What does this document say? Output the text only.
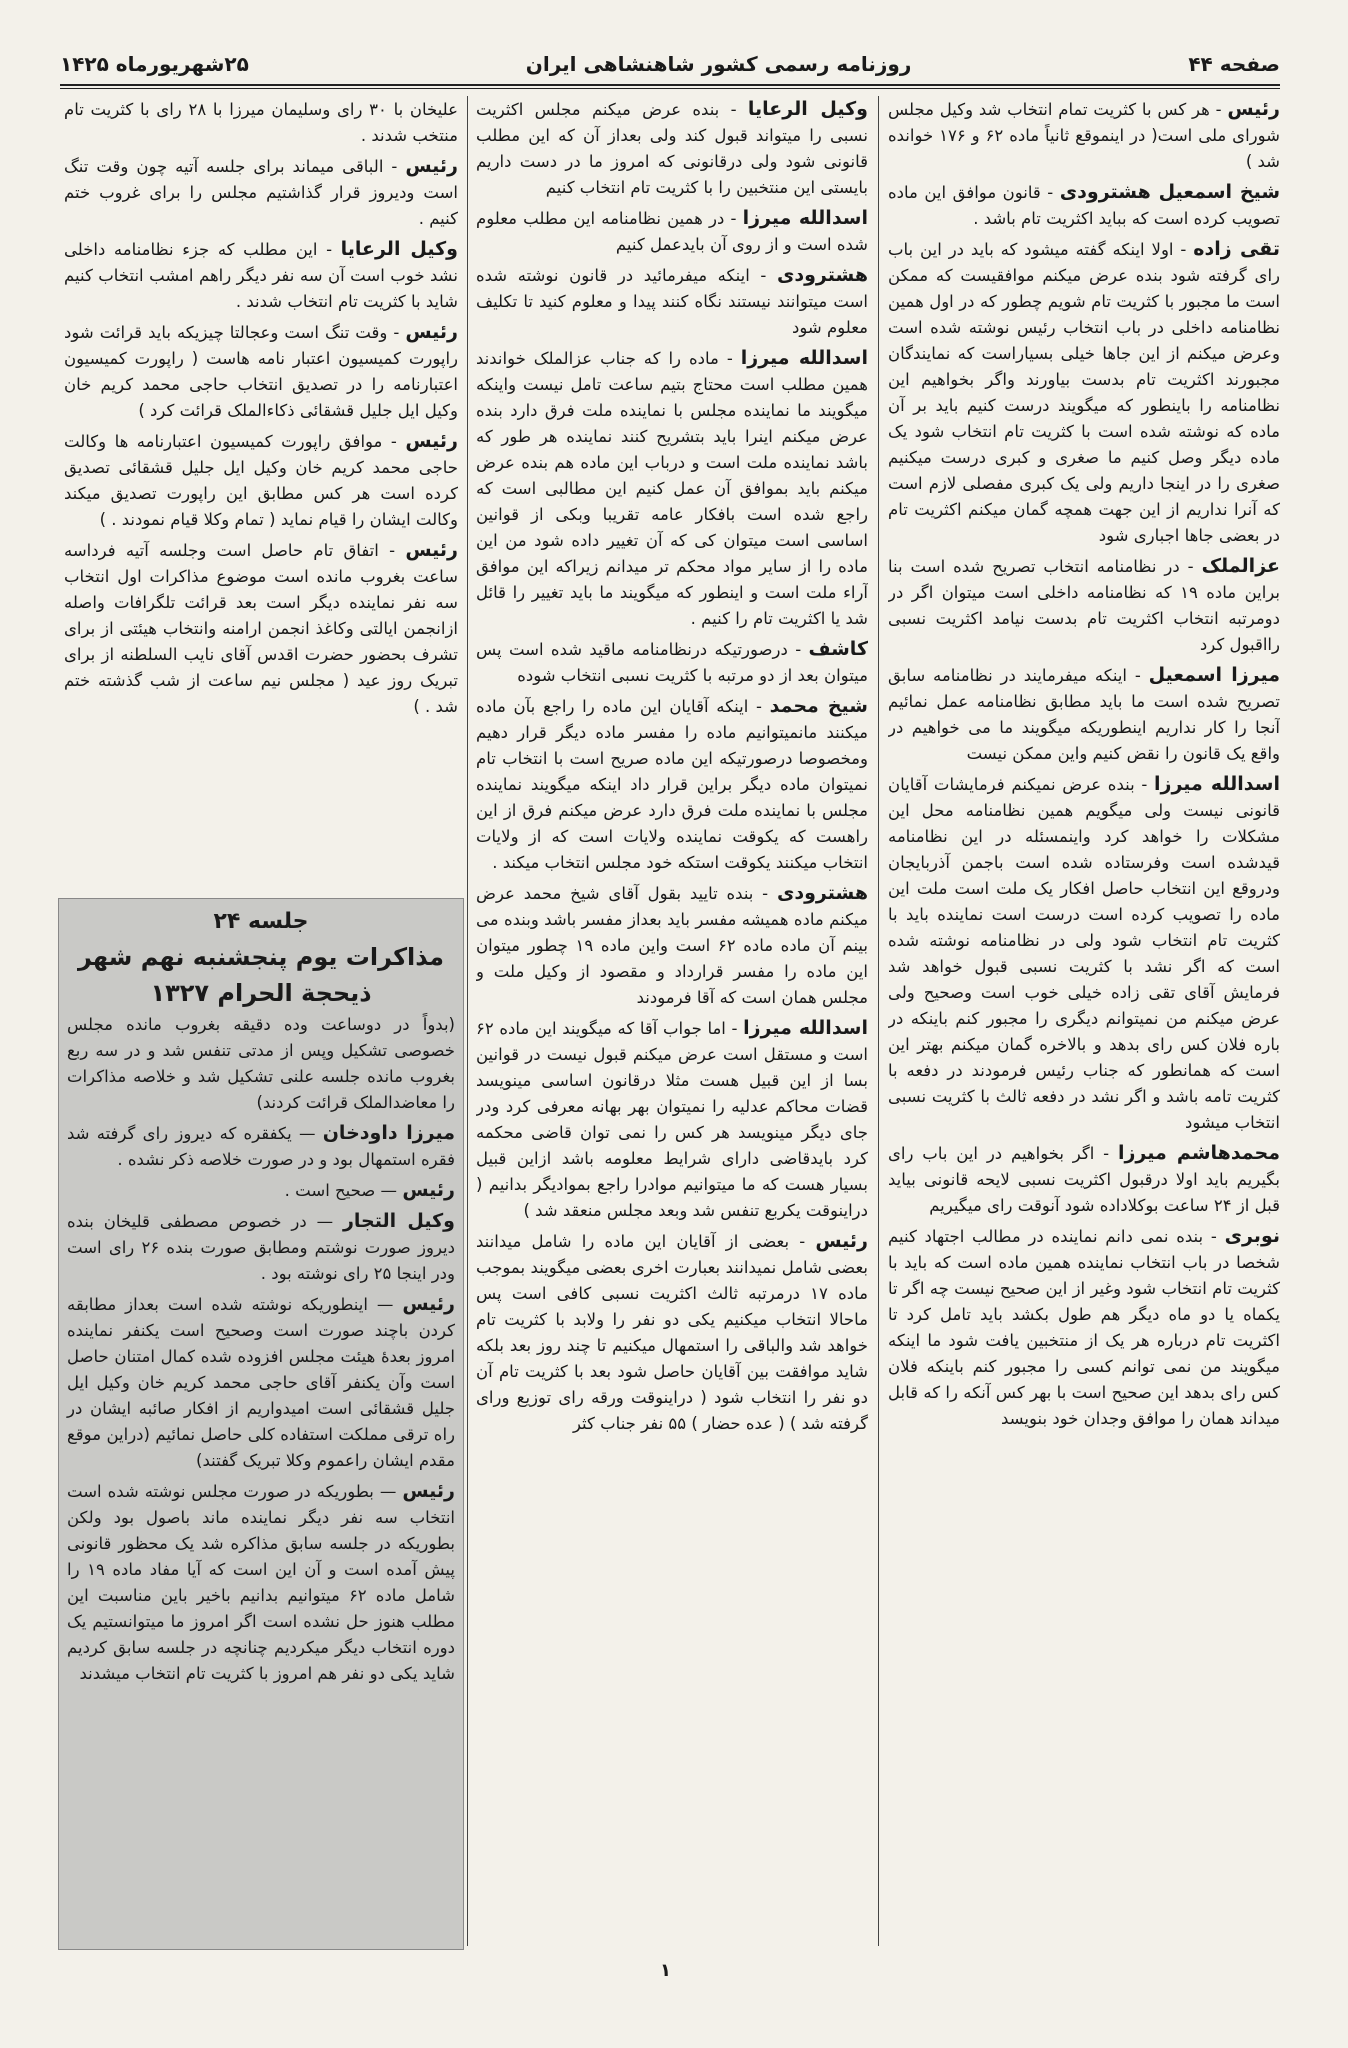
صفحه ۴۴
روزنامه رسمی کشور شاهنشاهی ایران
۲۵شهریورماه ۱۴۲۵

رئیس - هر کس با کثریت تمام انتخاب شد وکیل مجلس شورای ملی است( در اینموقع ثانیاً ماده ۶۲ و ۱۷۶ خوانده شد )

شیخ اسمعیل هشترودی - قانون موافق این ماده تصویب کرده است که بباید اکثریت تام باشد .

تقی زاده - اولا اینکه گفته میشود که باید در این باب رای گرفته شود بنده عرض میکنم موافقیست که ممکن است ما مجبور با کثریت تام شویم چطور که در اول همین نظامنامه داخلی در باب انتخاب رئیس نوشته شده است وعرض میکنم از این جاها خیلی بسیاراست که نمایندگان مجبورند اکثریت تام بدست بیاورند واگر بخواهیم این نظامنامه را باینطور که میگویند درست کنیم باید بر آن ماده که نوشته شده است با کثریت تام انتخاب شود یک ماده دیگر وصل کنیم ما صغری و کبری درست میکنیم صغری را در اینجا داریم ولی یک کبری مفصلی لازم است که آنرا نداریم از این جهت همچه گمان میکنم اکثریت تام در بعضی جاها اجباری شود

عزالملک - در نظامنامه انتخاب تصریح شده است بنا براین ماده ۱۹ که نظامنامه داخلی است میتوان اگر در دومرتبه انتخاب اکثریت تام بدست نیامد اکثریت نسبی رااقبول کرد

میرزا اسمعیل - اینکه میفرمایند در نظامنامه سابق تصریح شده است ما باید مطابق نظامنامه عمل نمائیم آنجا را کار نداریم اینطوریکه میگویند ما می خواهیم در واقع یک قانون را نقض کنیم واین ممکن نیست

اسدالله میرزا - بنده عرض نمیکنم فرمایشات آقایان قانونی نیست ولی میگویم همین نظامنامه محل این مشکلات را خواهد کرد واینمسئله در این نظامنامه قیدشده است وفرستاده شده است باجمن آذربایجان ودروقع این انتخاب حاصل افکار یک ملت است ملت این ماده را تصویب کرده است درست است نماینده باید با کثریت تام انتخاب شود ولی در نظامنامه نوشته شده است که اگر نشد با کثریت نسبی قبول خواهد شد فرمایش آقای تقی زاده خیلی خوب است وصحیح ولی عرض میکنم من نمیتوانم دیگری را مجبور کنم باینکه در باره فلان کس رای بدهد و بالاخره گمان میکنم بهتر این است که همانطور که جناب رئیس فرمودند در دفعه با کثریت تامه باشد و اگر نشد در دفعه ثالث با کثریت نسبی انتخاب میشود

محمدهاشم میرزا - اگر بخواهیم در این باب رای بگیریم باید اولا درقبول اکثریت نسبی لایحه قانونی بیاید قبل از ۲۴ ساعت بوکلاداده شود آنوقت رای میگیریم

نوبری - بنده نمی دانم نماینده در مطالب اجتهاد کنیم شخصا در باب انتخاب نماینده همین ماده است که باید با کثریت تام انتخاب شود وغیر از این صحیح نیست چه اگر تا یکماه یا دو ماه دیگر هم طول بکشد باید تامل کرد تا اکثریت تام درباره هر یک از منتخبین یافت شود ما اینکه میگویند من نمی توانم کسی را مجبور کنم باینکه فلان کس رای بدهد این صحیح است با بهر کس آنکه را که قابل میداند همان را موافق وجدان خود بنویسد

وکیل الرعایا - بنده عرض میکنم مجلس اکثریت نسبی را میتواند قبول کند ولی بعداز آن که این مطلب قانونی شود ولی درقانونی که امروز ما در دست داریم بایستی این منتخبین را با کثریت تام انتخاب کنیم

اسدالله میرزا - در همین نظامنامه این مطلب معلوم شده است و از روی آن بایدعمل کنیم

هشترودی - اینکه میفرمائید در قانون نوشته شده است میتوانند نیستند نگاه کنند پیدا و معلوم کنید تا تکلیف معلوم شود

اسدالله میرزا - ماده را که جناب عزالملک خواندند همین مطلب است محتاج بتیم ساعت تامل نیست واینکه میگویند ما نماینده مجلس با نماینده ملت فرق دارد بنده عرض میکنم اینرا باید بتشریح کنند نماینده هر طور که باشد نماینده ملت است و درباب این ماده هم بنده عرض میکنم باید بموافق آن عمل کنیم این مطالبی است که راجع شده است بافکار عامه تقریبا وبکی از قوانین اساسی است میتوان کی که آن تغییر داده شود من این ماده را از سایر مواد محکم تر میدانم زیراکه این موافق آراء ملت است و اینطور که میگویند ما باید تغییر را قائل شد یا اکثریت تام را کنیم .

کاشف - درصورتیکه درنظامنامه ماقید شده است پس میتوان بعد از دو مرتبه با کثریت نسبی انتخاب شوده

شیخ محمد - اینکه آقایان این ماده را راجع بآن ماده میکنند مانمیتوانیم ماده را مفسر ماده دیگر قرار دهیم ومخصوصا درصورتیکه این ماده صریح است با انتخاب تام نمیتوان ماده دیگر براین قرار داد اینکه میگویند نماینده مجلس با نماینده ملت فرق دارد عرض میکنم فرق از این راهست که یکوقت نماینده ولایات است که از ولایات انتخاب میکنند یکوقت استکه خود مجلس انتخاب میکند .

هشترودی - بنده تایید بقول آقای شیخ محمد عرض میکنم ماده همیشه مفسر باید بعداز مفسر باشد وبنده می بینم آن ماده ماده ۶۲ است واین ماده ۱۹ چطور میتوان این ماده را مفسر قرارداد و مقصود از وکیل ملت و مجلس همان است که آقا فرمودند

اسدالله میرزا - اما جواب آقا که میگویند این ماده ۶۲ است و مستقل است عرض میکنم قبول نیست در قوانین بسا از این قبیل هست مثلا درقانون اساسی مینویسد قضات محاکم عدلیه را نمیتوان بهر بهانه معرفی کرد ودر جای دیگر مینویسد هر کس را نمی توان قاضی محکمه کرد بایدقاضی دارای شرایط معلومه باشد ازاین قبیل بسیار هست که ما میتوانیم موادرا راجع بموادیگر بدانیم ( دراینوقت یکربع تنفس شد وبعد مجلس منعقد شد )

رئیس - بعضی از آقایان این ماده را شامل میدانند بعضی شامل نمیدانند بعبارت اخری بعضی میگویند بموجب ماده ۱۷ درمرتبه ثالث اکثریت نسبی کافی است پس ماحالا انتخاب میکنیم یکی دو نفر را ولابد با کثریت تام خواهد شد والباقی را استمهال میکنیم تا چند روز بعد بلکه شاید موافقت بین آقایان حاصل شود بعد با کثریت تام آن دو نفر را انتخاب شود ( دراینوقت ورقه رای توزیع ورای گرفته شد ) ( عده حضار ) ۵۵ نفر جناب کثر

علیخان با ۳۰ رای وسلیمان میرزا با ۲۸ رای با کثریت تام منتخب شدند .

رئیس - الباقی میماند برای جلسه آتیه چون وقت تنگ است ودیروز قرار گذاشتیم مجلس را برای غروب ختم کنیم .

وکیل الرعایا - این مطلب که جزء نظامنامه داخلی نشد خوب است آن سه نفر دیگر راهم امشب انتخاب کنیم شاید با کثریت تام انتخاب شدند .

رئیس - وقت تنگ است وعجالتا چیزیکه باید قرائت شود راپورت کمیسیون اعتبار نامه هاست ( راپورت کمیسیون اعتبارنامه را در تصدیق انتخاب حاجی محمد کریم خان وکیل ایل جلیل قشقائی ذکاءالملک قرائت کرد )

رئیس - موافق راپورت کمیسیون اعتبارنامه ها وکالت حاجی محمد کریم خان وکیل ایل جلیل قشقائی تصدیق کرده است هر کس مطابق این راپورت تصدیق میکند وکالت ایشان را قیام نماید ( تمام وکلا قیام نمودند . )

رئیس - اتفاق تام حاصل است وجلسه آتیه فرداسه ساعت بغروب مانده است موضوع مذاکرات اول انتخاب سه نفر نماینده دیگر است بعد قرائت تلگرافات واصله ازانجمن ایالتی وکاغذ انجمن ارامنه وانتخاب هیئتی از برای تشرف بحضور حضرت اقدس آقای نایب السلطنه از برای تبریک روز عید ( مجلس نیم ساعت از شب گذشته ختم شد . )

جلسه ۲۴
مذاکرات یوم پنجشنبه نهم شهر ذیحجة الحرام ۱۳۲۷

(بدواً در دوساعت وده دقیقه بغروب مانده مجلس خصوصی تشکیل وپس از مدتی تنفس شد و در سه ربع بغروب مانده جلسه علنی تشکیل شد و خلاصه مذاکرات را معاضدالملک قرائت کردند)

میرزا داودخان — یکفقره که دیروز رای گرفته شد فقره استمهال بود و در صورت خلاصه ذکر نشده .

رئیس — صحیح است .

وکیل التجار — در خصوص مصطفی قلیخان بنده دیروز صورت نوشتم ومطابق صورت بنده ۲۶ رای است ودر اینجا ۲۵ رای نوشته بود .

رئیس — اینطوریکه نوشته شده است بعداز مطابقه کردن باچند صورت است وصحیح است یکنفر نماینده امروز بعدهٔ هیئت مجلس افزوده شده کمال امتنان حاصل است وآن یکنفر آقای حاجی محمد کریم خان وکیل ایل جلیل قشقائی است امیدواریم از افکار صائبه ایشان در راه ترقی مملکت استفاده کلی حاصل نمائیم (دراین موقع مقدم ایشان راعموم وکلا تبریک گفتند)

رئیس — بطوریکه در صورت مجلس نوشته شده است انتخاب سه نفر دیگر نماینده ماند باصول بود ولکن بطوریکه در جلسه سابق مذاکره شد یک محظور قانونی پیش آمده است و آن این است که آیا مفاد ماده ۱۹ را شامل ماده ۶۲ میتوانیم بدانیم باخیر باین مناسبت این مطلب هنوز حل نشده است اگر امروز ما میتوانستیم یک دوره انتخاب دیگر میکردیم چنانچه در جلسه سابق کردیم شاید یکی دو نفر هم امروز با کثریت تام انتخاب میشدند

۱
